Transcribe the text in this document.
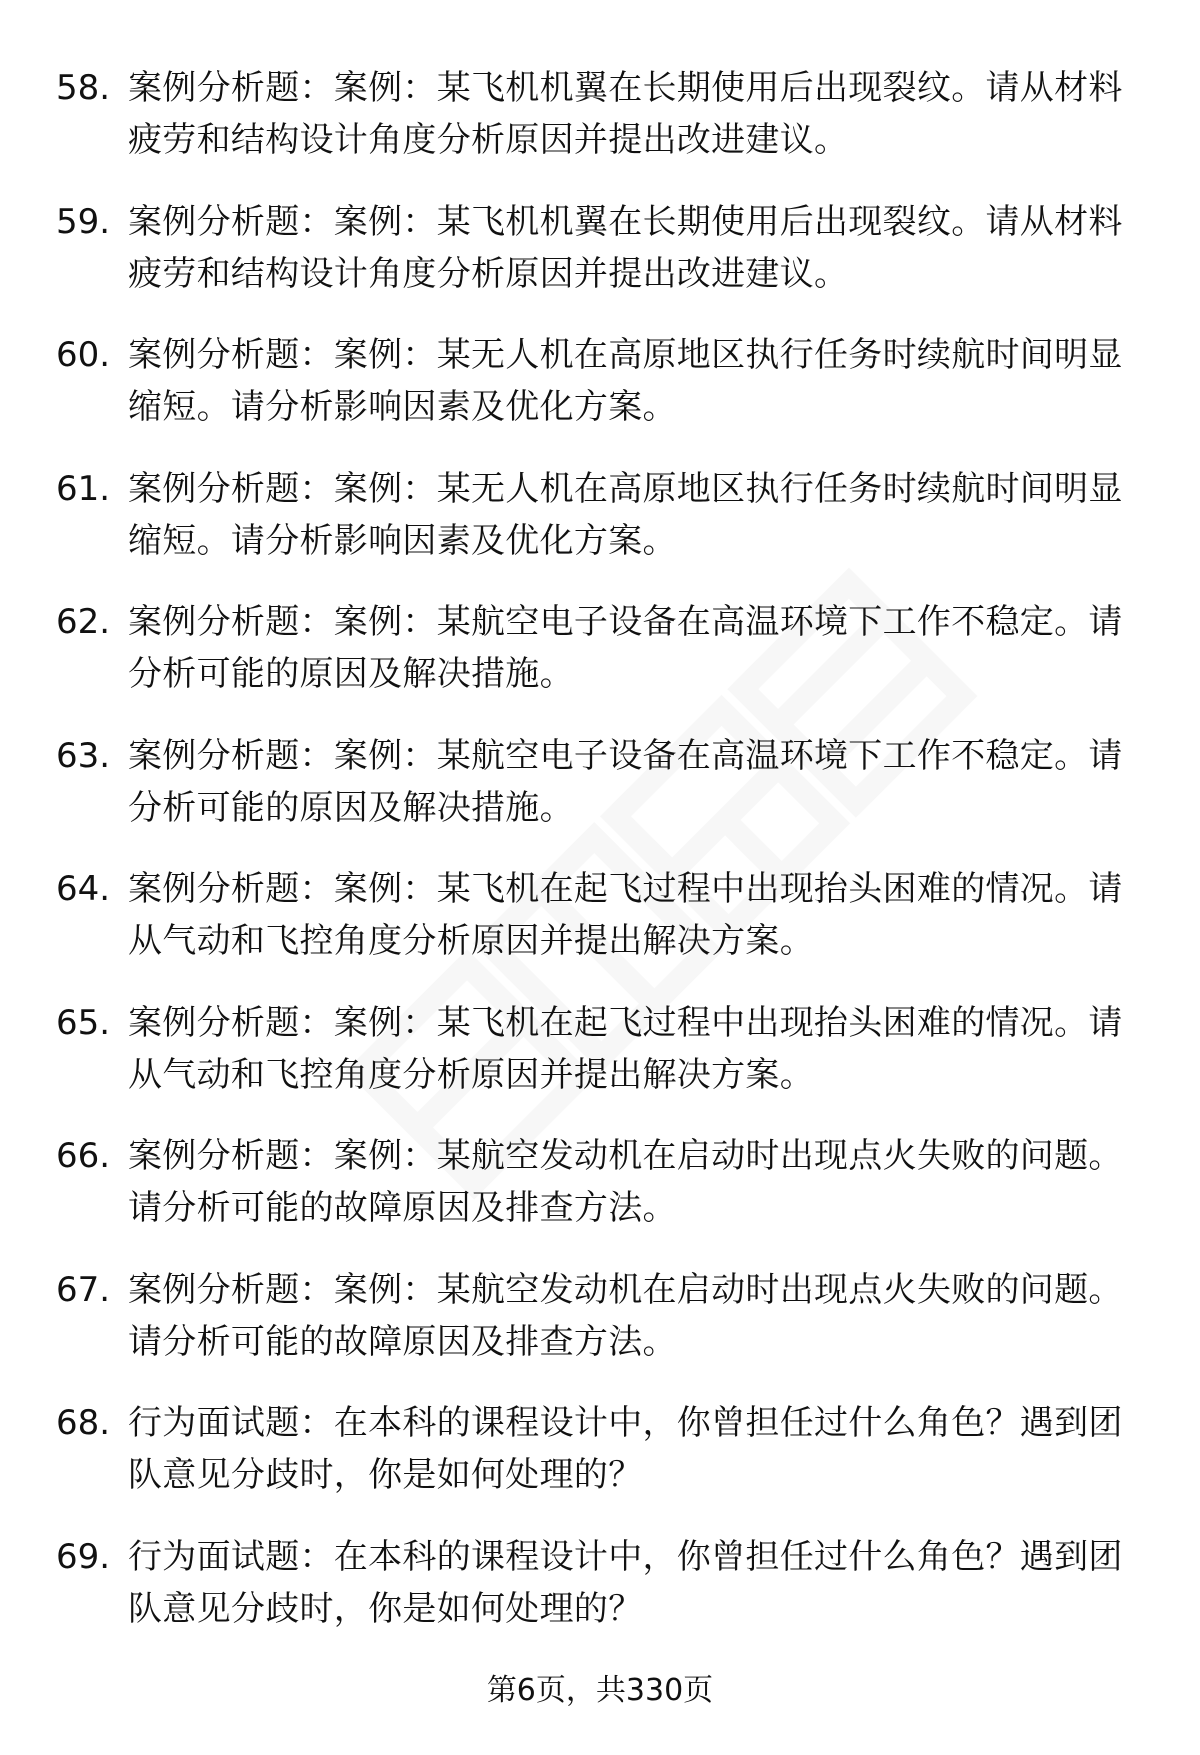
58. 案例分析题：案例：某飞机机翼在长期使用后出现裂纹。请从材料疲劳和结构设计角度分析原因并提出改进建议。
59. 案例分析题：案例：某飞机机翼在长期使用后出现裂纹。请从材料疲劳和结构设计角度分析原因并提出改进建议。
60. 案例分析题：案例：某无人机在高原地区执行任务时续航时间明显缩短。请分析影响因素及优化方案。
61. 案例分析题：案例：某无人机在高原地区执行任务时续航时间明显缩短。请分析影响因素及优化方案。
62. 案例分析题：案例：某航空电子设备在高温环境下工作不稳定。请分析可能的原因及解决措施。
63. 案例分析题：案例：某航空电子设备在高温环境下工作不稳定。请分析可能的原因及解决措施。
64. 案例分析题：案例：某飞机在起飞过程中出现抬头困难的情况。请从气动和飞控角度分析原因并提出解决方案。
65. 案例分析题：案例：某飞机在起飞过程中出现抬头困难的情况。请从气动和飞控角度分析原因并提出解决方案。
66. 案例分析题：案例：某航空发动机在启动时出现点火失败的问题。请分析可能的故障原因及排查方法。
67. 案例分析题：案例：某航空发动机在启动时出现点火失败的问题。请分析可能的故障原因及排查方法。
68. 行为面试题：在本科的课程设计中，你曾担任过什么角色？遇到团队意见分歧时，你是如何处理的？
69. 行为面试题：在本科的课程设计中，你曾担任过什么角色？遇到团队意见分歧时，你是如何处理的？
第6页，共330页
